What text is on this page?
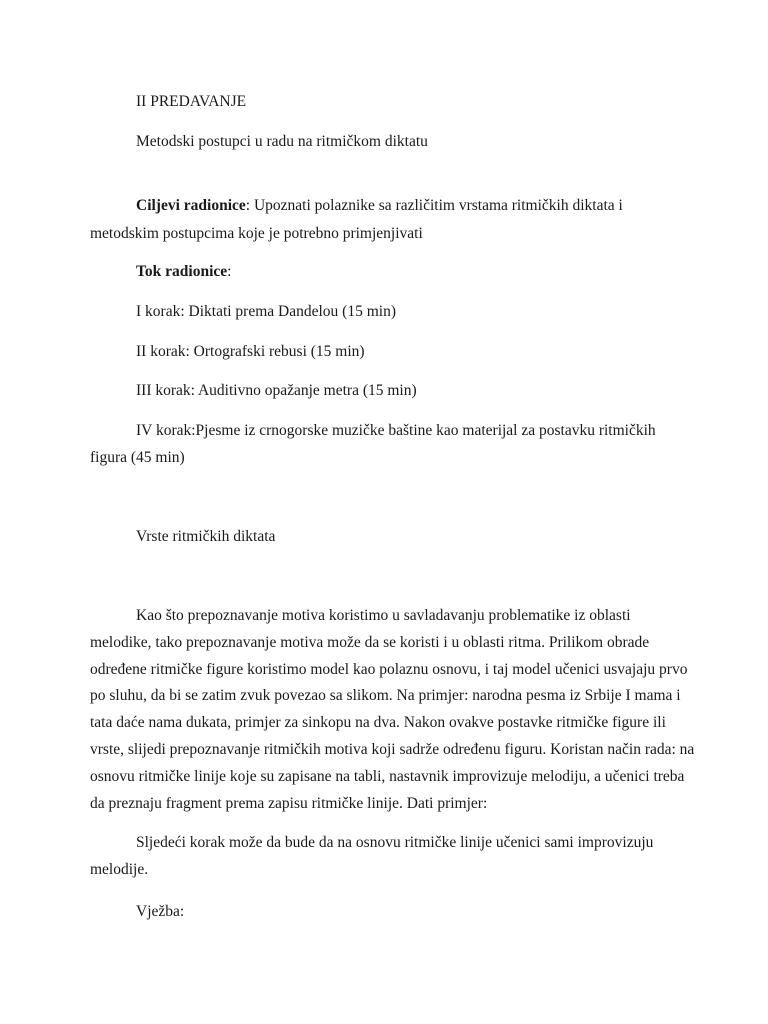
II PREDAVANJE
Metodski postupci u radu na ritmičkom diktatu
Ciljevi radionice: Upoznati polaznike sa različitim vrstama ritmičkih diktata i
metodskim postupcima koje je potrebno primjenjivati
Tok radionice:
I korak: Diktati prema Dandelou (15 min)
II korak: Ortografski rebusi (15 min)
III korak: Auditivno opažanje metra (15 min)
IV korak:Pjesme iz crnogorske muzičke baštine kao materijal za postavku ritmičkih
figura (45 min)
Vrste ritmičkih diktata
Kao što prepoznavanje motiva koristimo u savladavanju problematike iz oblasti
melodike, tako prepoznavanje motiva može da se koristi i u oblasti ritma. Prilikom obrade
određene ritmičke figure koristimo model kao polaznu osnovu, i taj model učenici usvajaju prvo
po sluhu, da bi se zatim zvuk povezao sa slikom. Na primjer: narodna pesma iz Srbije I mama i
tata daće nama dukata, primjer za sinkopu na dva. Nakon ovakve postavke ritmičke figure ili
vrste, slijedi prepoznavanje ritmičkih motiva koji sadrže određenu figuru. Koristan način rada: na
osnovu ritmičke linije koje su zapisane na tabli, nastavnik improvizuje melodiju, a učenici treba
da preznaju fragment prema zapisu ritmičke linije. Dati primjer:
Sljedeći korak može da bude da na osnovu ritmičke linije učenici sami improvizuju
melodije.
Vježba:
